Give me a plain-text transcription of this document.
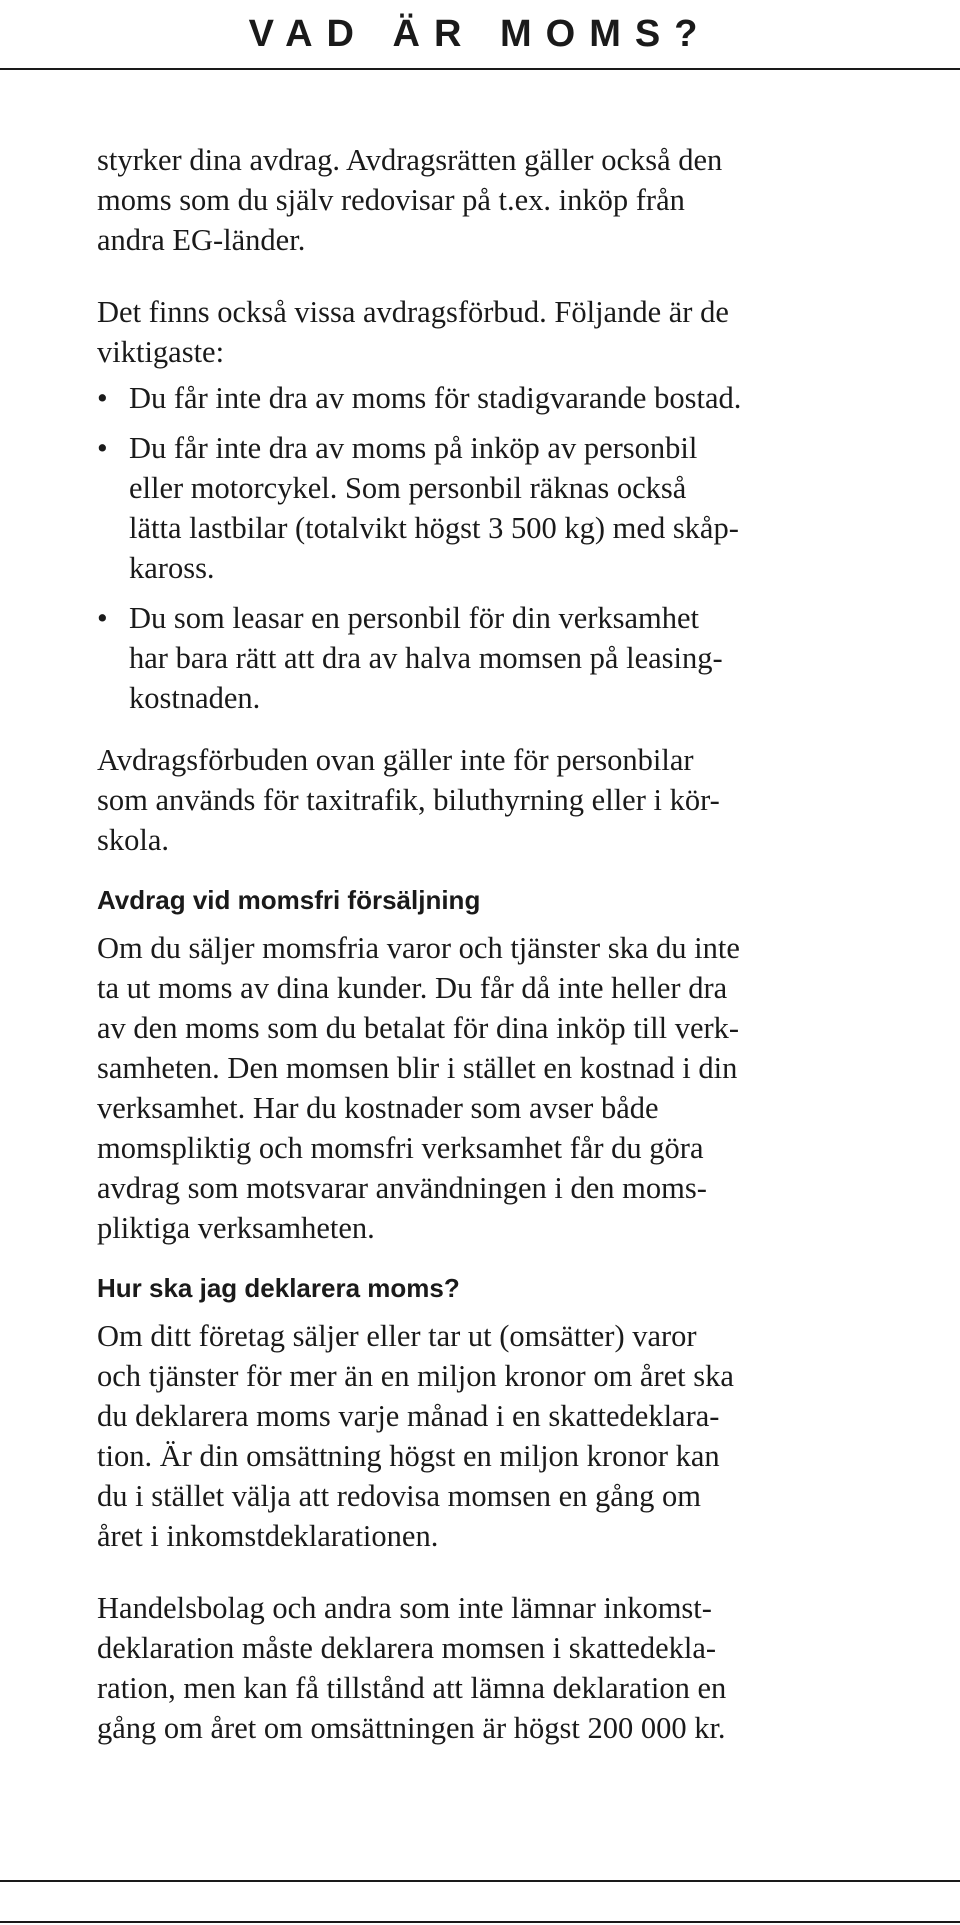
VAD ÄR MOMS?

styrker dina avdrag. Avdragsrätten gäller också den
moms som du själv redovisar på t.ex. inköp från
andra EG-länder.

Det finns också vissa avdragsförbud. Följande är de
viktigaste:

• Du får inte dra av moms för stadigvarande bostad.
• Du får inte dra av moms på inköp av personbil
eller motorcykel. Som personbil räknas också
lätta lastbilar (totalvikt högst 3 500 kg) med skåp-
kaross.
• Du som leasar en personbil för din verksamhet
har bara rätt att dra av halva momsen på leasing-
kostnaden.

Avdragsförbuden ovan gäller inte för personbilar
som används för taxitrafik, biluthyrning eller i kör-
skola.

Avdrag vid momsfri försäljning

Om du säljer momsfria varor och tjänster ska du inte
ta ut moms av dina kunder. Du får då inte heller dra
av den moms som du betalat för dina inköp till verk-
samheten. Den momsen blir i stället en kostnad i din
verksamhet. Har du kostnader som avser både
momspliktig och momsfri verksamhet får du göra
avdrag som motsvarar användningen i den moms-
pliktiga verksamheten.

Hur ska jag deklarera moms?

Om ditt företag säljer eller tar ut (omsätter) varor
och tjänster för mer än en miljon kronor om året ska
du deklarera moms varje månad i en skattedeklara-
tion. Är din omsättning högst en miljon kronor kan
du i stället välja att redovisa momsen en gång om
året i inkomstdeklarationen.

Handelsbolag och andra som inte lämnar inkomst-
deklaration måste deklarera momsen i skattedekla-
ration, men kan få tillstånd att lämna deklaration en
gång om året om omsättningen är högst 200 000 kr.
